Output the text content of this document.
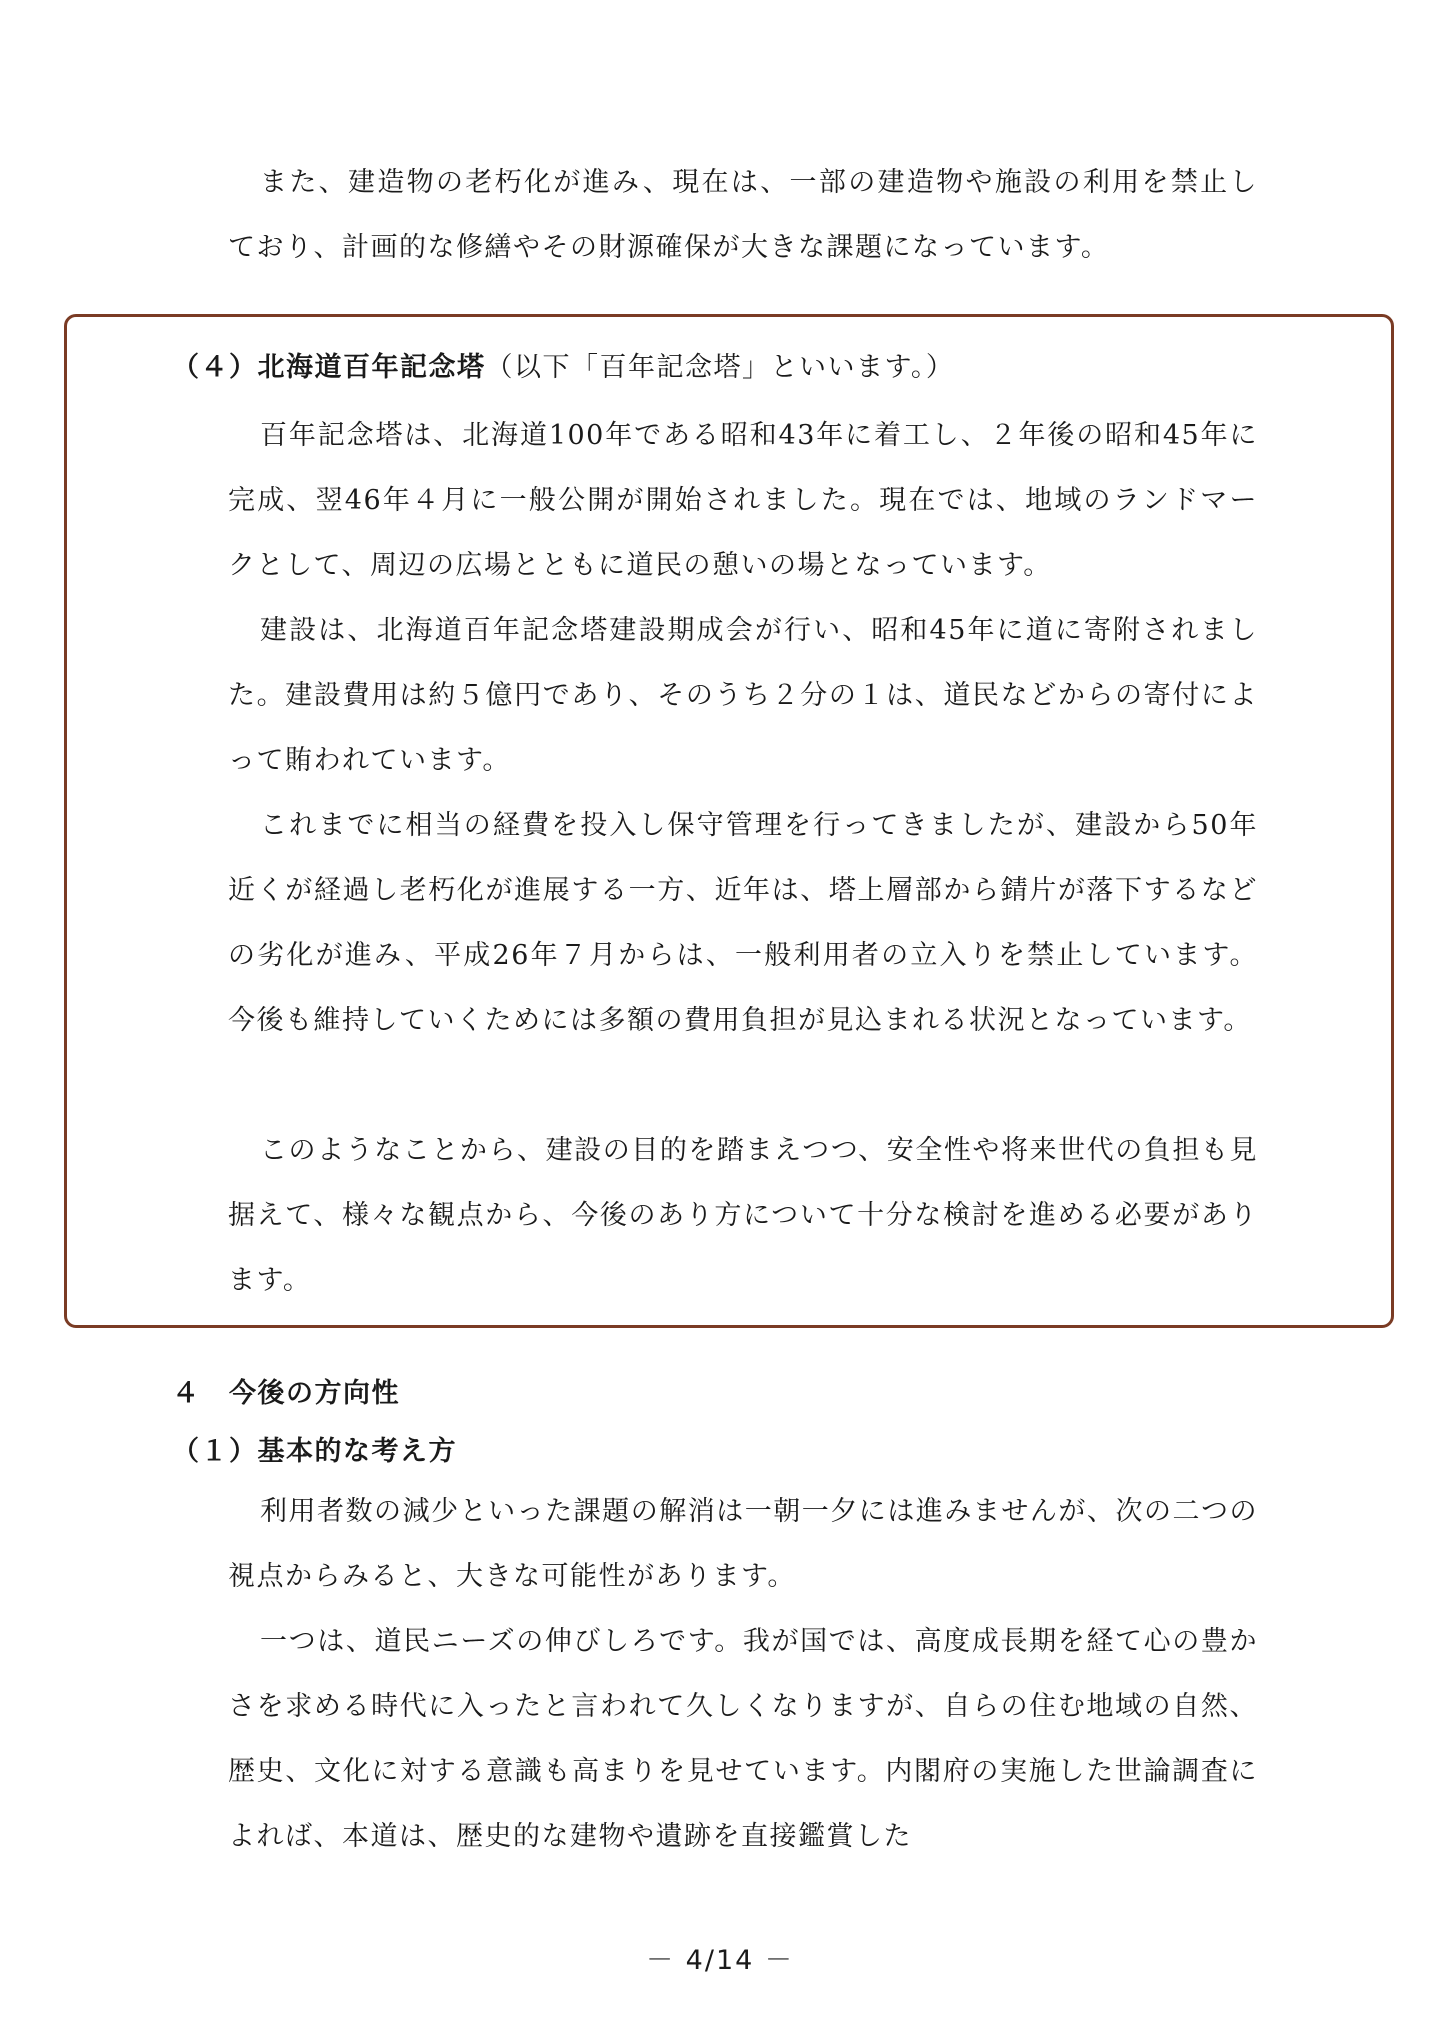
また、建造物の老朽化が進み、現在は、一部の建造物や施設の利用を禁止しており、計画的な修繕やその財源確保が大きな課題になっています。

（４）北海道百年記念塔（以下「百年記念塔」といいます。）

百年記念塔は、北海道100年である昭和43年に着工し、２年後の昭和45年に完成、翌46年４月に一般公開が開始されました。現在では、地域のランドマークとして、周辺の広場とともに道民の憩いの場となっています。

建設は、北海道百年記念塔建設期成会が行い、昭和45年に道に寄附されました。建設費用は約５億円であり、そのうち２分の１は、道民などからの寄付によって賄われています。

これまでに相当の経費を投入し保守管理を行ってきましたが、建設から50年近くが経過し老朽化が進展する一方、近年は、塔上層部から錆片が落下するなどの劣化が進み、平成26年７月からは、一般利用者の立入りを禁止しています。今後も維持していくためには多額の費用負担が見込まれる状況となっています。

このようなことから、建設の目的を踏まえつつ、安全性や将来世代の負担も見据えて、様々な観点から、今後のあり方について十分な検討を進める必要があります。

４　今後の方向性
（１）基本的な考え方

利用者数の減少といった課題の解消は一朝一夕には進みませんが、次の二つの視点からみると、大きな可能性があります。

一つは、道民ニーズの伸びしろです。我が国では、高度成長期を経て心の豊かさを求める時代に入ったと言われて久しくなりますが、自らの住む地域の自然、歴史、文化に対する意識も高まりを見せています。内閣府の実施した世論調査によれば、本道は、歴史的な建物や遺跡を直接鑑賞した

－ 4/14 －
